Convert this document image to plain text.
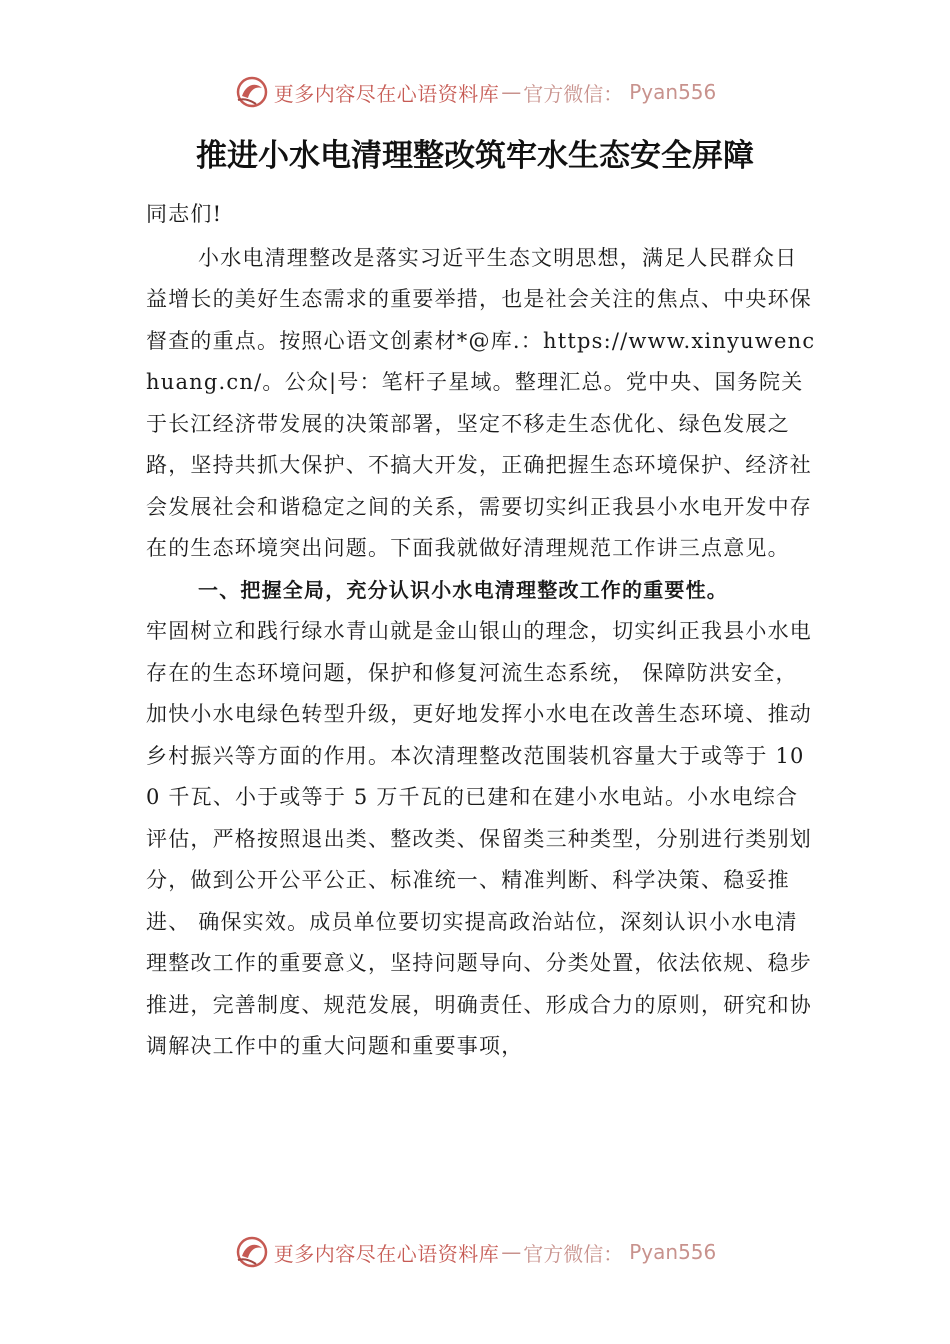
更多内容尽在心语资料库 — 官方微信： Pyan556
推进小水电清理整改筑牢水生态安全屏障

同志们!

小水电清理整改是落实习近平生态文明思想，满足人民群众日益增长的美好生态需求的重要举措，也是社会关注的焦点、中央环保督查的重点。按照心语文创素材*@库.：https://www.xinyuwenchuang.cn/。公众|号：笔杆子星域。整理汇总。党中央、国务院关于长江经济带发展的决策部署，坚定不移走生态优化、绿色发展之路，坚持共抓大保护、不搞大开发，正确把握生态环境保护、经济社会发展社会和谐稳定之间的关系，需要切实纠正我县小水电开发中存在的生态环境突出问题。下面我就做好清理规范工作讲三点意见。

一、把握全局，充分认识小水电清理整改工作的重要性。

牢固树立和践行绿水青山就是金山银山的理念，切实纠正我县小水电存在的生态环境问题，保护和修复河流生态系统， 保障防洪安全，加快小水电绿色转型升级，更好地发挥小水电在改善生态环境、推动乡村振兴等方面的作用。本次清理整改范围装机容量大于或等于 100 千瓦、小于或等于 5 万千瓦的已建和在建小水电站。小水电综合评估，严格按照退出类、整改类、保留类三种类型，分别进行类别划分，做到公开公平公正、标准统一、精准判断、科学决策、稳妥推进、 确保实效。成员单位要切实提高政治站位，深刻认识小水电清理整改工作的重要意义，坚持问题导向、分类处置，依法依规、稳步推进，完善制度、规范发展，明确责任、形成合力的原则，研究和协调解决工作中的重大问题和重要事项，

更多内容尽在心语资料库 — 官方微信： Pyan556
